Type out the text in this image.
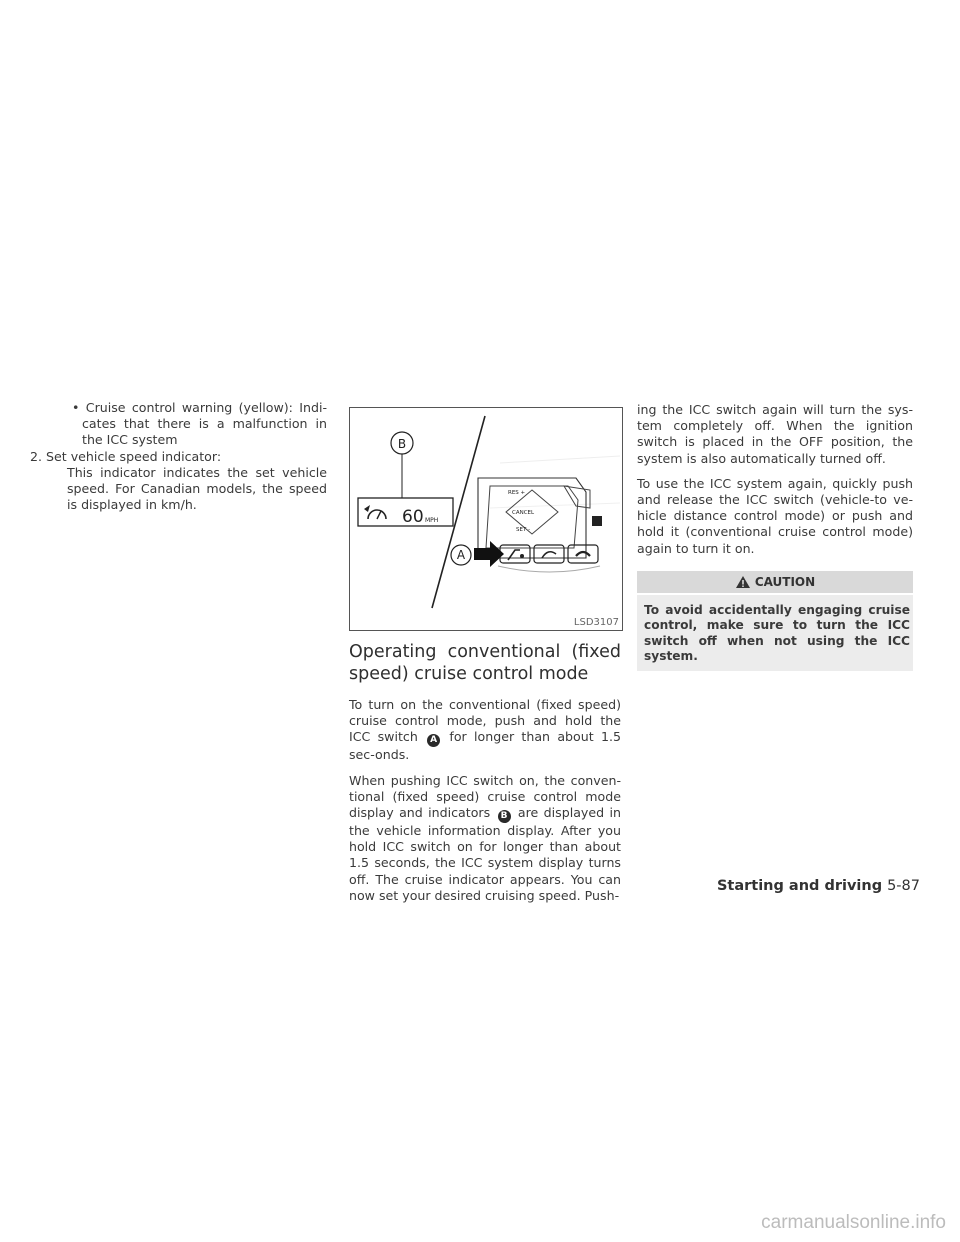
• Cruise control warning (yellow): Indi-cates that there is a malfunction in the ICC system

2. Set vehicle speed indicator:

This indicator indicates the set vehicle speed. For Canadian models, the speed is displayed in km/h.

B
60 MPH
RES +
CANCEL
SET -
A
LSD3107
Operating conventional (fixed speed) cruise control mode

To turn on the conventional (fixed speed) cruise control mode, push and hold the ICC switch A for longer than about 1.5 sec-onds.

When pushing ICC switch on, the conven-tional (fixed speed) cruise control mode display and indicators B are displayed in the vehicle information display. After you hold ICC switch on for longer than about 1.5 seconds, the ICC system display turns off. The cruise indicator appears. You can now set your desired cruising speed. Push-

ing the ICC switch again will turn the sys-tem completely off. When the ignition switch is placed in the OFF position, the system is also automatically turned off.

To use the ICC system again, quickly push and release the ICC switch (vehicle-to ve-hicle distance control mode) or push and hold it (conventional cruise control mode) again to turn it on.

CAUTION
To avoid accidentally engaging cruise control, make sure to turn the ICC switch off when not using the ICC system.
Starting and driving 5-87
carmanualsonline.info
